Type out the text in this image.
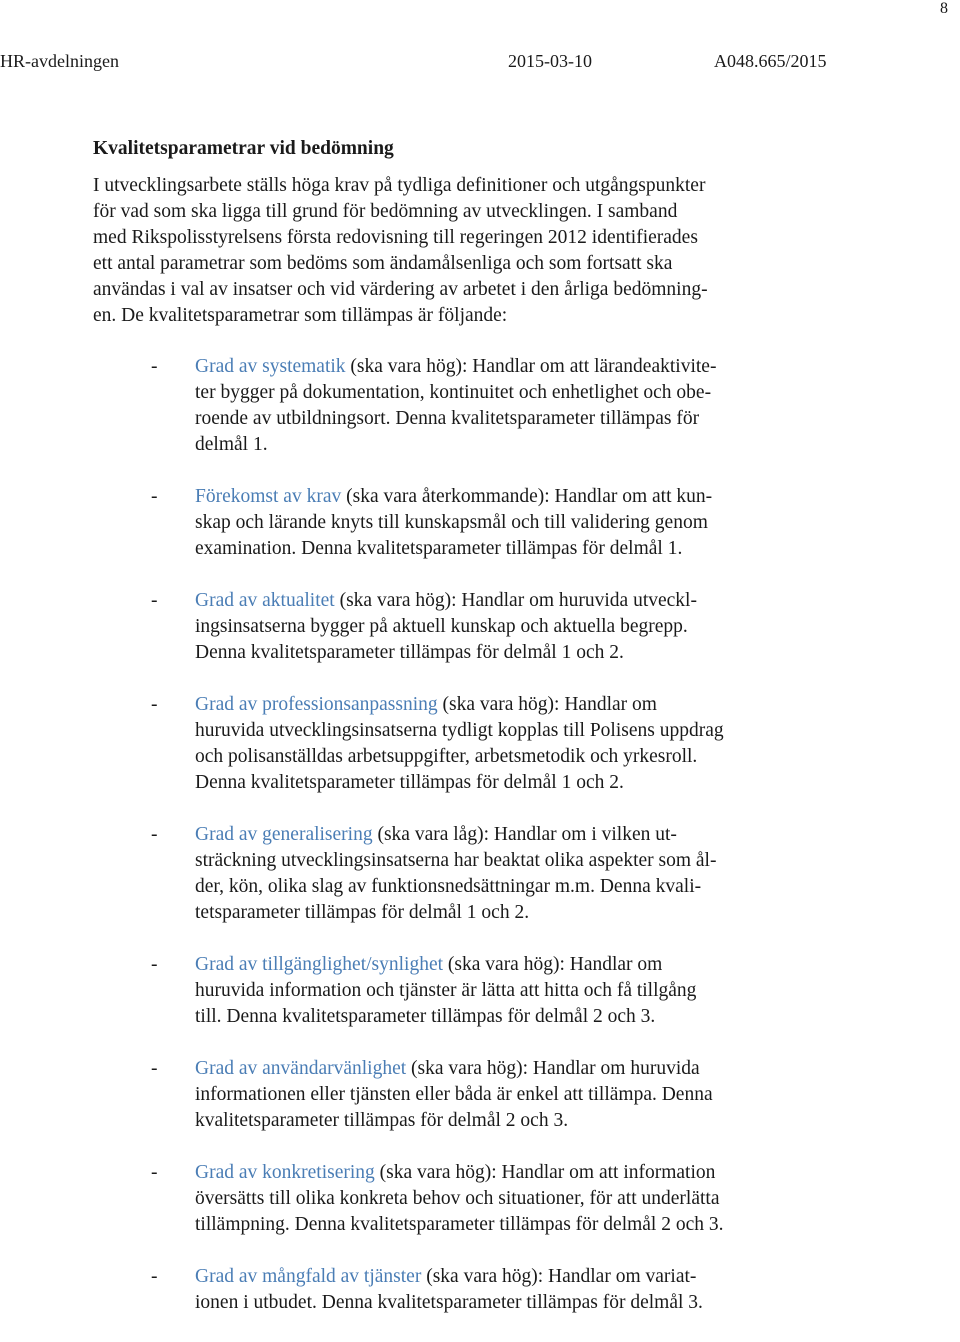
8
HR-avdelningen	2015-03-10	A048.665/2015
Kvalitetsparametrar vid bedömning

I utvecklingsarbete ställs höga krav på tydliga definitioner och utgångspunkter
för vad som ska ligga till grund för bedömning av utvecklingen. I samband
med Rikspolisstyrelsens första redovisning till regeringen 2012 identifierades
ett antal parametrar som bedöms som ändamålsenliga och som fortsatt ska
användas i val av insatser och vid värdering av arbetet i den årliga bedömning-
en. De kvalitetsparametrar som tillämpas är följande:

- Grad av systematik (ska vara hög): Handlar om att lärandeaktivite-
ter bygger på dokumentation, kontinuitet och enhetlighet och obe-
roende av utbildningsort. Denna kvalitetsparameter tillämpas för
delmål 1.
- Förekomst av krav (ska vara återkommande): Handlar om att kun-
skap och lärande knyts till kunskapsmål och till validering genom
examination. Denna kvalitetsparameter tillämpas för delmål 1.
- Grad av aktualitet (ska vara hög): Handlar om huruvida utveckl-
ingsinsatserna bygger på aktuell kunskap och aktuella begrepp.
Denna kvalitetsparameter tillämpas för delmål 1 och 2.
- Grad av professionsanpassning (ska vara hög): Handlar om
huruvida utvecklingsinsatserna tydligt kopplas till Polisens uppdrag
och polisanställdas arbetsuppgifter, arbetsmetodik och yrkesroll.
Denna kvalitetsparameter tillämpas för delmål 1 och 2.
- Grad av generalisering (ska vara låg): Handlar om i vilken ut-
sträckning utvecklingsinsatserna har beaktat olika aspekter som ål-
der, kön, olika slag av funktionsnedsättningar m.m. Denna kvali-
tetsparameter tillämpas för delmål 1 och 2.
- Grad av tillgänglighet/synlighet (ska vara hög): Handlar om
huruvida information och tjänster är lätta att hitta och få tillgång
till. Denna kvalitetsparameter tillämpas för delmål 2 och 3.
- Grad av användarvänlighet (ska vara hög): Handlar om huruvida
informationen eller tjänsten eller båda är enkel att tillämpa. Denna
kvalitetsparameter tillämpas för delmål 2 och 3.
- Grad av konkretisering (ska vara hög): Handlar om att information
översätts till olika konkreta behov och situationer, för att underlätta
tillämpning. Denna kvalitetsparameter tillämpas för delmål 2 och 3.
- Grad av mångfald av tjänster (ska vara hög): Handlar om variat-
ionen i utbudet. Denna kvalitetsparameter tillämpas för delmål 3.
